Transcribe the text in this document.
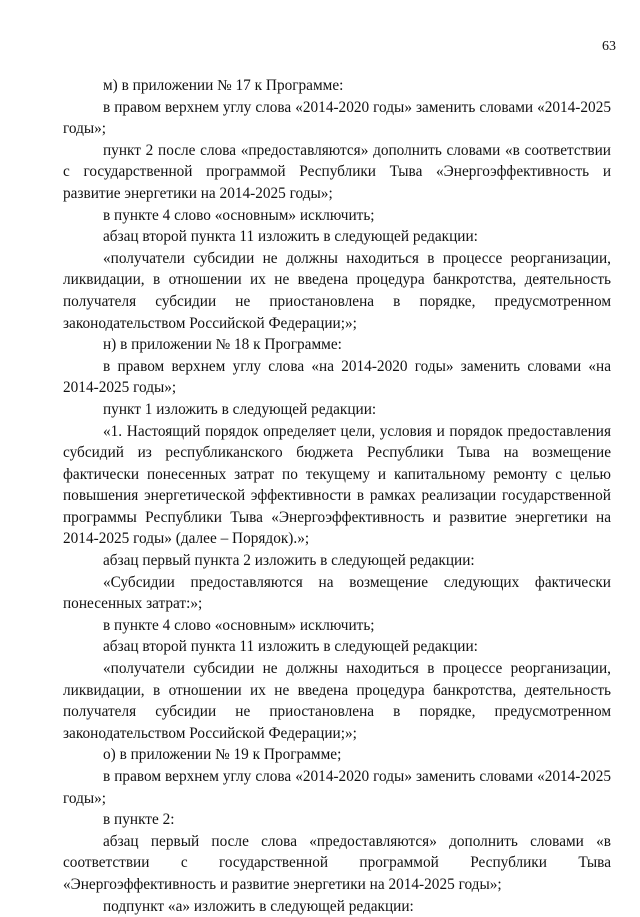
63

м) в приложении № 17 к Программе:

в правом верхнем углу слова «2014-2020 годы» заменить словами «2014-2025 годы»;

пункт 2 после слова «предоставляются» дополнить словами «в соответствии с государственной программой Республики Тыва «Энергоэффективность и развитие энергетики на 2014-2025 годы»;

в пункте 4 слово «основным» исключить;

абзац второй пункта 11 изложить в следующей редакции:

«получатели субсидии не должны находиться в процессе реорганизации, ликвидации, в отношении их не введена процедура банкротства, деятельность получателя субсидии не приостановлена в порядке, предусмотренном законодательством Российской Федерации;»;

н) в приложении № 18 к Программе:

в правом верхнем углу слова «на 2014-2020 годы» заменить словами «на 2014-2025 годы»;

пункт 1 изложить в следующей редакции:

«1. Настоящий порядок определяет цели, условия и порядок предоставления субсидий из республиканского бюджета Республики Тыва на возмещение фактически понесенных затрат по текущему и капитальному ремонту с целью повышения энергетической эффективности в рамках реализации государственной программы Республики Тыва «Энергоэффективность и развитие энергетики на 2014-2025 годы» (далее – Порядок).»;

абзац первый пункта 2 изложить в следующей редакции:

«Субсидии предоставляются на возмещение следующих фактически понесенных затрат:»;

в пункте 4 слово «основным» исключить;

абзац второй пункта 11 изложить в следующей редакции:

«получатели субсидии не должны находиться в процессе реорганизации, ликвидации, в отношении их не введена процедура банкротства, деятельность получателя субсидии не приостановлена в порядке, предусмотренном законодательством Российской Федерации;»;

о) в приложении № 19 к Программе;

в правом верхнем углу слова «2014-2020 годы» заменить словами «2014-2025 годы»;

в пункте 2:

абзац первый после слова «предоставляются» дополнить словами «в соответствии с государственной программой Республики Тыва «Энергоэффективность и развитие энергетики на 2014-2025 годы»;

подпункт «а» изложить в следующей редакции:
